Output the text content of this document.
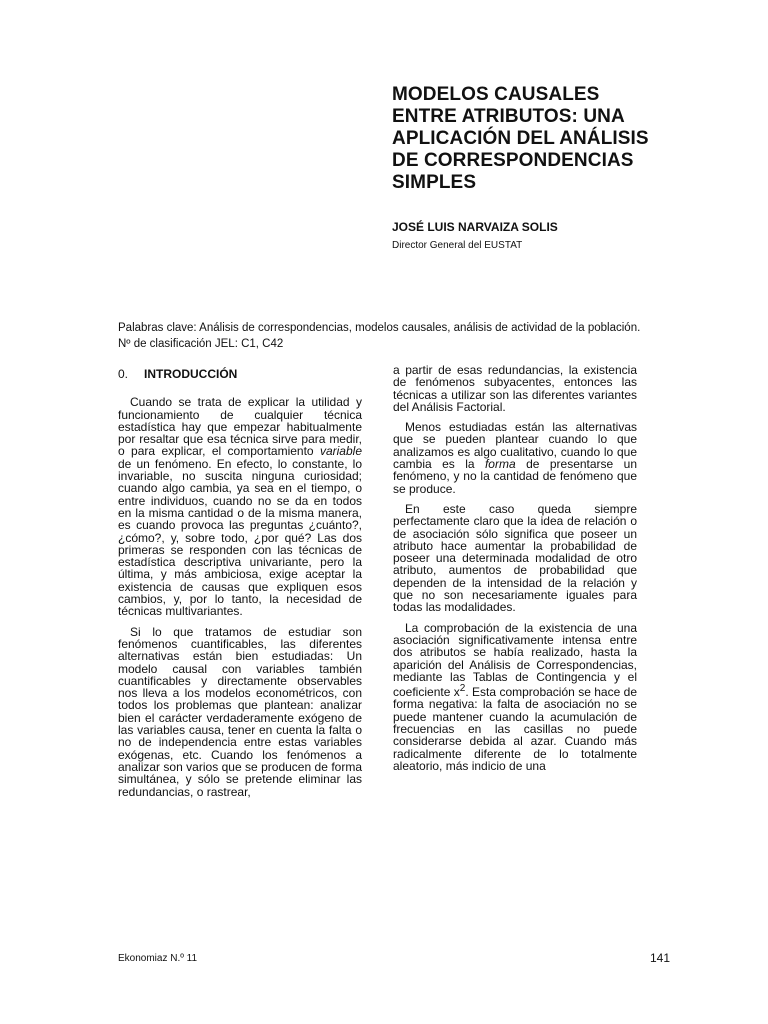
MODELOS CAUSALES
ENTRE ATRIBUTOS: UNA
APLICACIÓN DEL ANÁLISIS
DE CORRESPONDENCIAS
SIMPLES
JOSÉ LUIS NARVAIZA SOLIS
Director General del EUSTAT
Palabras clave: Análisis de correspondencias, modelos causales, análisis de actividad de la población.
Nº de clasificación JEL: C1, C42
0. INTRODUCCIÓN

Cuando se trata de explicar la utilidad y funcionamiento de cualquier técnica estadística hay que empezar habitualmente por resaltar que esa técnica sirve para medir, o para explicar, el comportamiento variable de un fenómeno. En efecto, lo constante, lo invariable, no suscita ninguna curiosidad; cuando algo cambia, ya sea en el tiempo, o entre individuos, cuando no se da en todos en la misma cantidad o de la misma manera, es cuando provoca las preguntas ¿cuánto?, ¿cómo?, y, sobre todo, ¿por qué? Las dos primeras se responden con las técnicas de estadística descriptiva univariante, pero la última, y más ambiciosa, exige aceptar la existencia de causas que expliquen esos cambios, y, por lo tanto, la necesidad de técnicas multivariantes.

Si lo que tratamos de estudiar son fenómenos cuantificables, las diferentes alternativas están bien estudiadas: Un modelo causal con variables también cuantificables y directamente observables nos lleva a los modelos econométricos, con todos los problemas que plantean: analizar bien el carácter verdaderamente exógeno de las variables causa, tener en cuenta la falta o no de independencia entre estas variables exógenas, etc. Cuando los fenómenos a analizar son varios que se producen de forma simultánea, y sólo se pretende eliminar las redundancias, o rastrear,

a partir de esas redundancias, la existencia de fenómenos subyacentes, entonces las técnicas a utilizar son las diferentes variantes del Análisis Factorial.

Menos estudiadas están las alternativas que se pueden plantear cuando lo que analizamos es algo cualitativo, cuando lo que cambia es la forma de presentarse un fenómeno, y no la cantidad de fenómeno que se produce.

En este caso queda siempre perfectamente claro que la idea de relación o de asociación sólo significa que poseer un atributo hace aumentar la probabilidad de poseer una determinada modalidad de otro atributo, aumentos de probabilidad que dependen de la intensidad de la relación y que no son necesariamente iguales para todas las modalidades.

La comprobación de la existencia de una asociación significativamente intensa entre dos atributos se había realizado, hasta la aparición del Análisis de Correspondencias, mediante las Tablas de Contingencia y el coeficiente $x^2$. Esta comprobación se hace de forma negativa: la falta de asociación no se puede mantener cuando la acumulación de frecuencias en las casillas no puede considerarse debida al azar. Cuando más radicalmente diferente de lo totalmente aleatorio, más indicio de una

Ekonomiaz N.º 11	141
